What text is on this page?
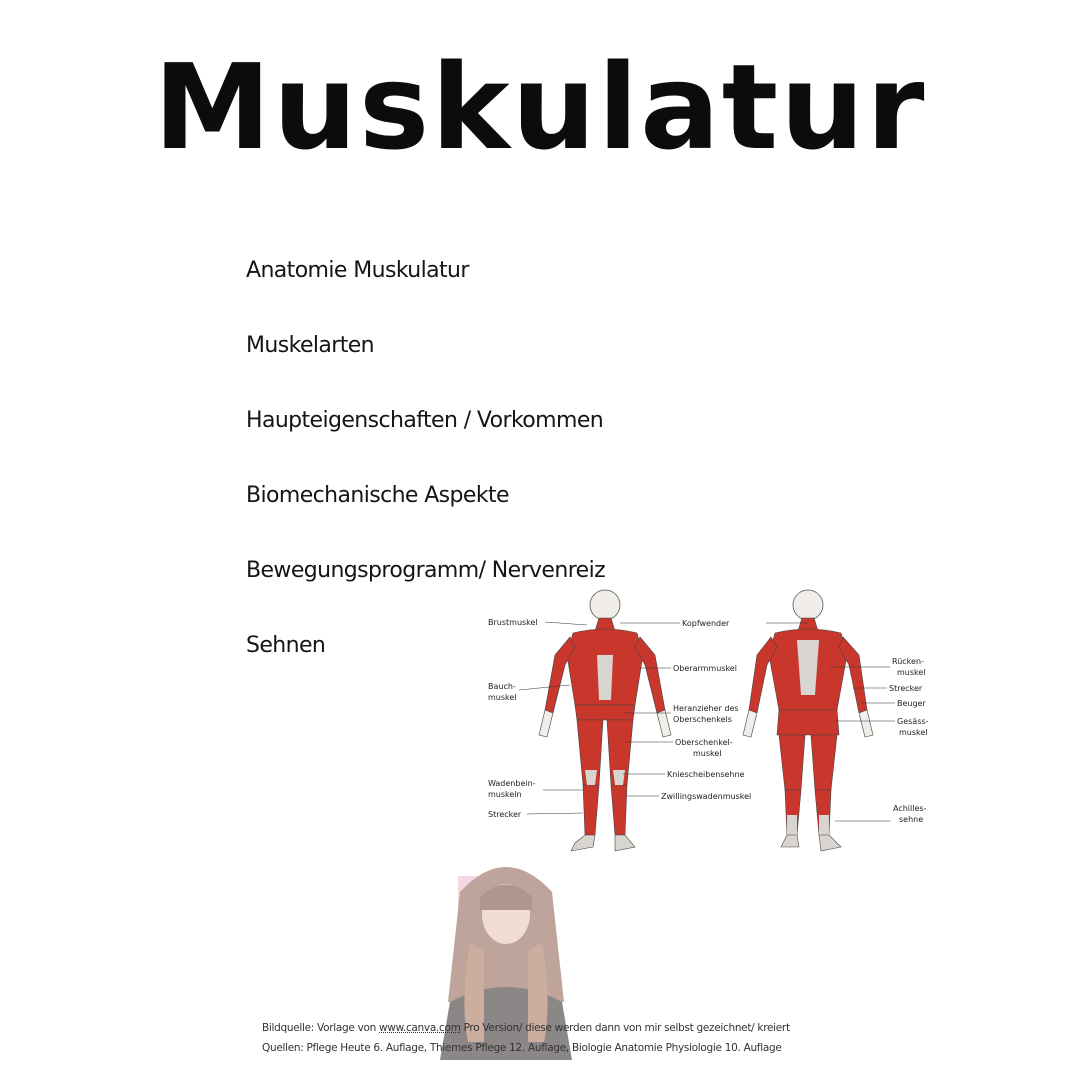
Muskulatur
Anatomie Muskulatur
Muskelarten
Haupteigenschaften / Vorkommen
Biomechanische Aspekte
Bewegungsprogramm/ Nervenreiz
Sehnen
Brustmuskel
Bauch-
muskel
Wadenbein-
muskeln
Strecker
Kopfwender
Oberarmmuskel
Heranzieher des
Oberschenkels
Oberschenkel-
muskel
Kniescheibensehne
Zwillingswadenmuskel
Rücken-
muskel
Strecker
Beuger
Gesäss-
muskel
Achilles-
sehne
Bildquelle: Vorlage von www.canva.com Pro Version/ diese werden dann von mir selbst gezeichnet/ kreiert
Quellen: Pflege Heute 6. Auflage, Thiemes Pflege 12. Auflage, Biologie Anatomie Physiologie 10. Auflage
